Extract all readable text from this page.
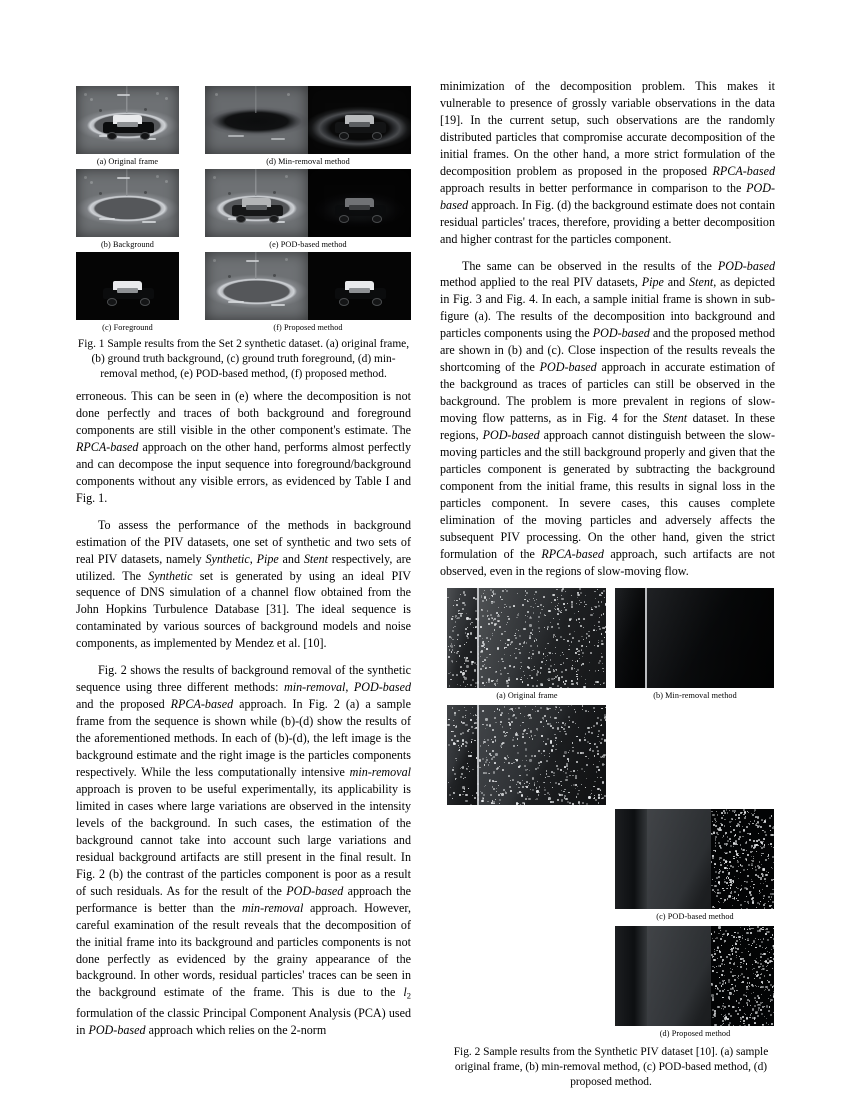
(a) Original frame	(d) Min-removal method
(b) Background	(e) POD-based method
(c) Foreground	(f) Proposed method
Fig. 1 Sample results from the Set 2 synthetic dataset. (a) original frame, (b) ground truth background, (c) ground truth foreground, (d) min-removal method, (e) POD-based method, (f) proposed method.

erroneous. This can be seen in (e) where the decomposition is not done perfectly and traces of both background and foreground components are still visible in the other component's estimate. The RPCA-based approach on the other hand, performs almost perfectly and can decompose the input sequence into foreground/background components without any visible errors, as evidenced by Table I and Fig. 1.

To assess the performance of the methods in background estimation of the PIV datasets, one set of synthetic and two sets of real PIV datasets, namely Synthetic, Pipe and Stent respectively, are utilized. The Synthetic set is generated by using an ideal PIV sequence of DNS simulation of a channel flow obtained from the John Hopkins Turbulence Database [31]. The ideal sequence is contaminated by various sources of background models and noise components, as implemented by Mendez et al. [10].

Fig. 2 shows the results of background removal of the synthetic sequence using three different methods: min-removal, POD-based and the proposed RPCA-based approach. In Fig. 2 (a) a sample frame from the sequence is shown while (b)-(d) show the results of the aforementioned methods. In each of (b)-(d), the left image is the background estimate and the right image is the particles components respectively. While the less computationally intensive min-removal approach is proven to be useful experimentally, its applicability is limited in cases where large variations are observed in the intensity levels of the background. In such cases, the estimation of the background cannot take into account such large variations and residual background artifacts are still present in the final result. In Fig. 2 (b) the contrast of the particles component is poor as a result of such residuals. As for the result of the POD-based approach the performance is better than the min-removal approach. However, careful examination of the result reveals that the decomposition of the initial frame into its background and particles components is not done perfectly as evidenced by the grainy appearance of the background. In other words, residual particles' traces can be seen in the background estimate of the frame. This is due to the $l_2$ formulation of the classic Principal Component Analysis (PCA) used in POD-based approach which relies on the 2-norm

minimization of the decomposition problem. This makes it vulnerable to presence of grossly variable observations in the data [19]. In the current setup, such observations are the randomly distributed particles that compromise accurate decomposition of the initial frames. On the other hand, a more strict formulation of the decomposition problem as proposed in the proposed RPCA-based approach results in better performance in comparison to the POD-based approach. In Fig. (d) the background estimate does not contain residual particles' traces, therefore, providing a better decomposition and higher contrast for the particles component.

The same can be observed in the results of the POD-based method applied to the real PIV datasets, Pipe and Stent, as depicted in Fig. 3 and Fig. 4. In each, a sample initial frame is shown in sub-figure (a). The results of the decomposition into background and particles components using the POD-based and the proposed method are shown in (b) and (c). Close inspection of the results reveals the shortcoming of the POD-based approach in accurate estimation of the background as traces of particles can still be observed in the background. The problem is more prevalent in regions of slow-moving flow patterns, as in Fig. 4 for the Stent dataset. In these regions, POD-based approach cannot distinguish between the slow-moving particles and the still background properly and given that the particles component is generated by subtracting the background component from the initial frame, this results in signal loss in the particles component. In severe cases, this causes complete elimination of the moving particles and adversely affects the subsequent PIV processing. On the other hand, given the strict formulation of the RPCA-based approach, such artifacts are not observed, even in the regions of slow-moving flow.

(a) Original frame	(b) Min-removal method
(c) POD-based method
(d) Proposed method
Fig. 2 Sample results from the Synthetic PIV dataset [10]. (a) sample original frame, (b) min-removal method, (c) POD-based method, (d) proposed method.
